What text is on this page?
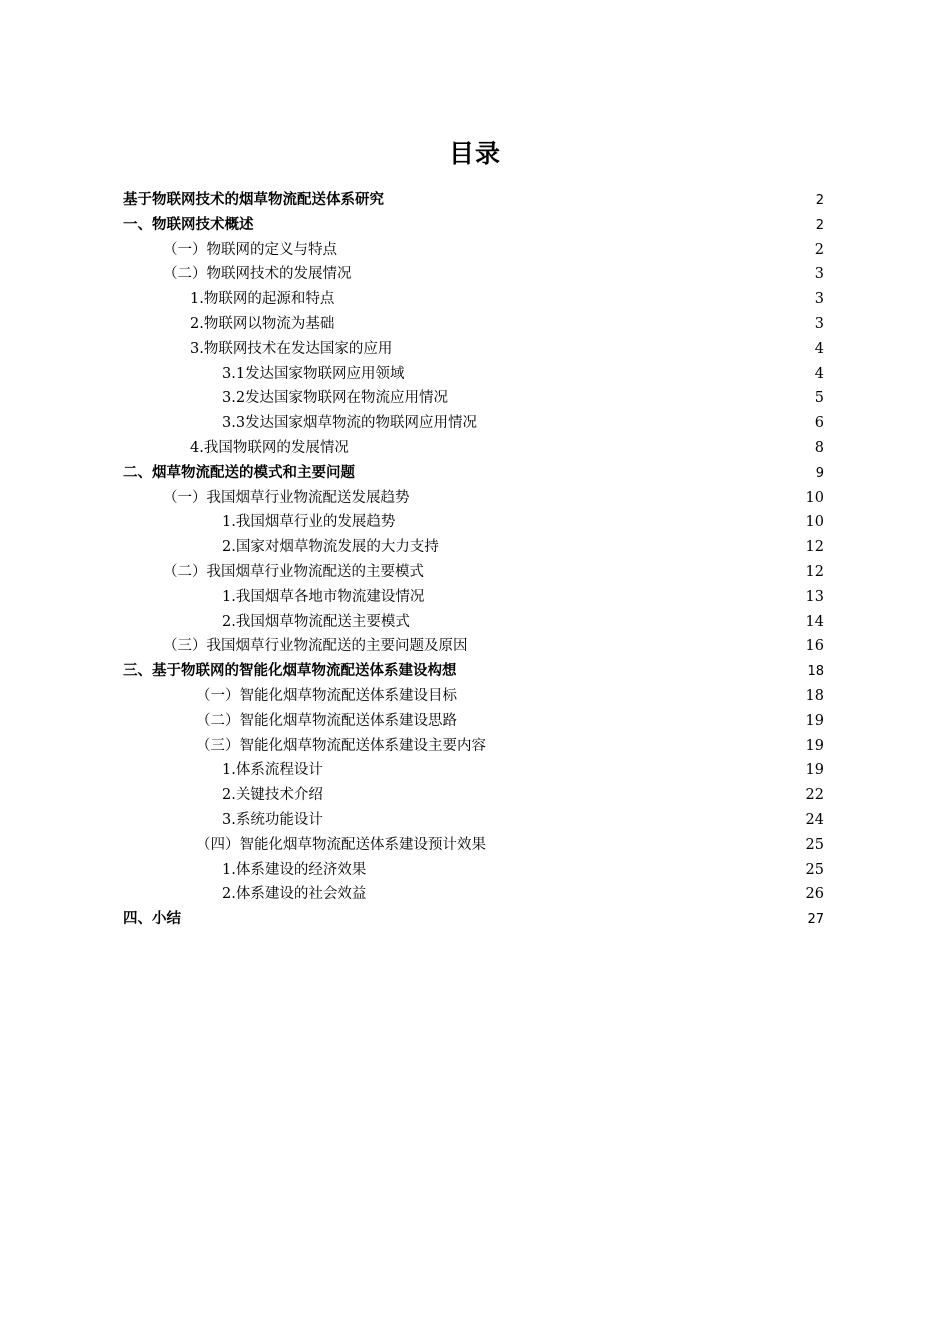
目录
基于物联网技术的烟草物流配送体系研究	2
一、物联网技术概述	2
（一）物联网的定义与特点	2
（二）物联网技术的发展情况	3
1.物联网的起源和特点	3
2.物联网以物流为基础	3
3.物联网技术在发达国家的应用	4
3.1发达国家物联网应用领域	4
3.2发达国家物联网在物流应用情况	5
3.3发达国家烟草物流的物联网应用情况	6
4.我国物联网的发展情况	8
二、烟草物流配送的模式和主要问题	9
（一）我国烟草行业物流配送发展趋势	10
1.我国烟草行业的发展趋势	10
2.国家对烟草物流发展的大力支持	12
（二）我国烟草行业物流配送的主要模式	12
1.我国烟草各地市物流建设情况	13
2.我国烟草物流配送主要模式	14
（三）我国烟草行业物流配送的主要问题及原因	16
三、基于物联网的智能化烟草物流配送体系建设构想	18
（一）智能化烟草物流配送体系建设目标	18
（二）智能化烟草物流配送体系建设思路	19
（三）智能化烟草物流配送体系建设主要内容	19
1.体系流程设计	19
2.关键技术介绍	22
3.系统功能设计	24
（四）智能化烟草物流配送体系建设预计效果	25
1.体系建设的经济效果	25
2.体系建设的社会效益	26
四、小结	27
